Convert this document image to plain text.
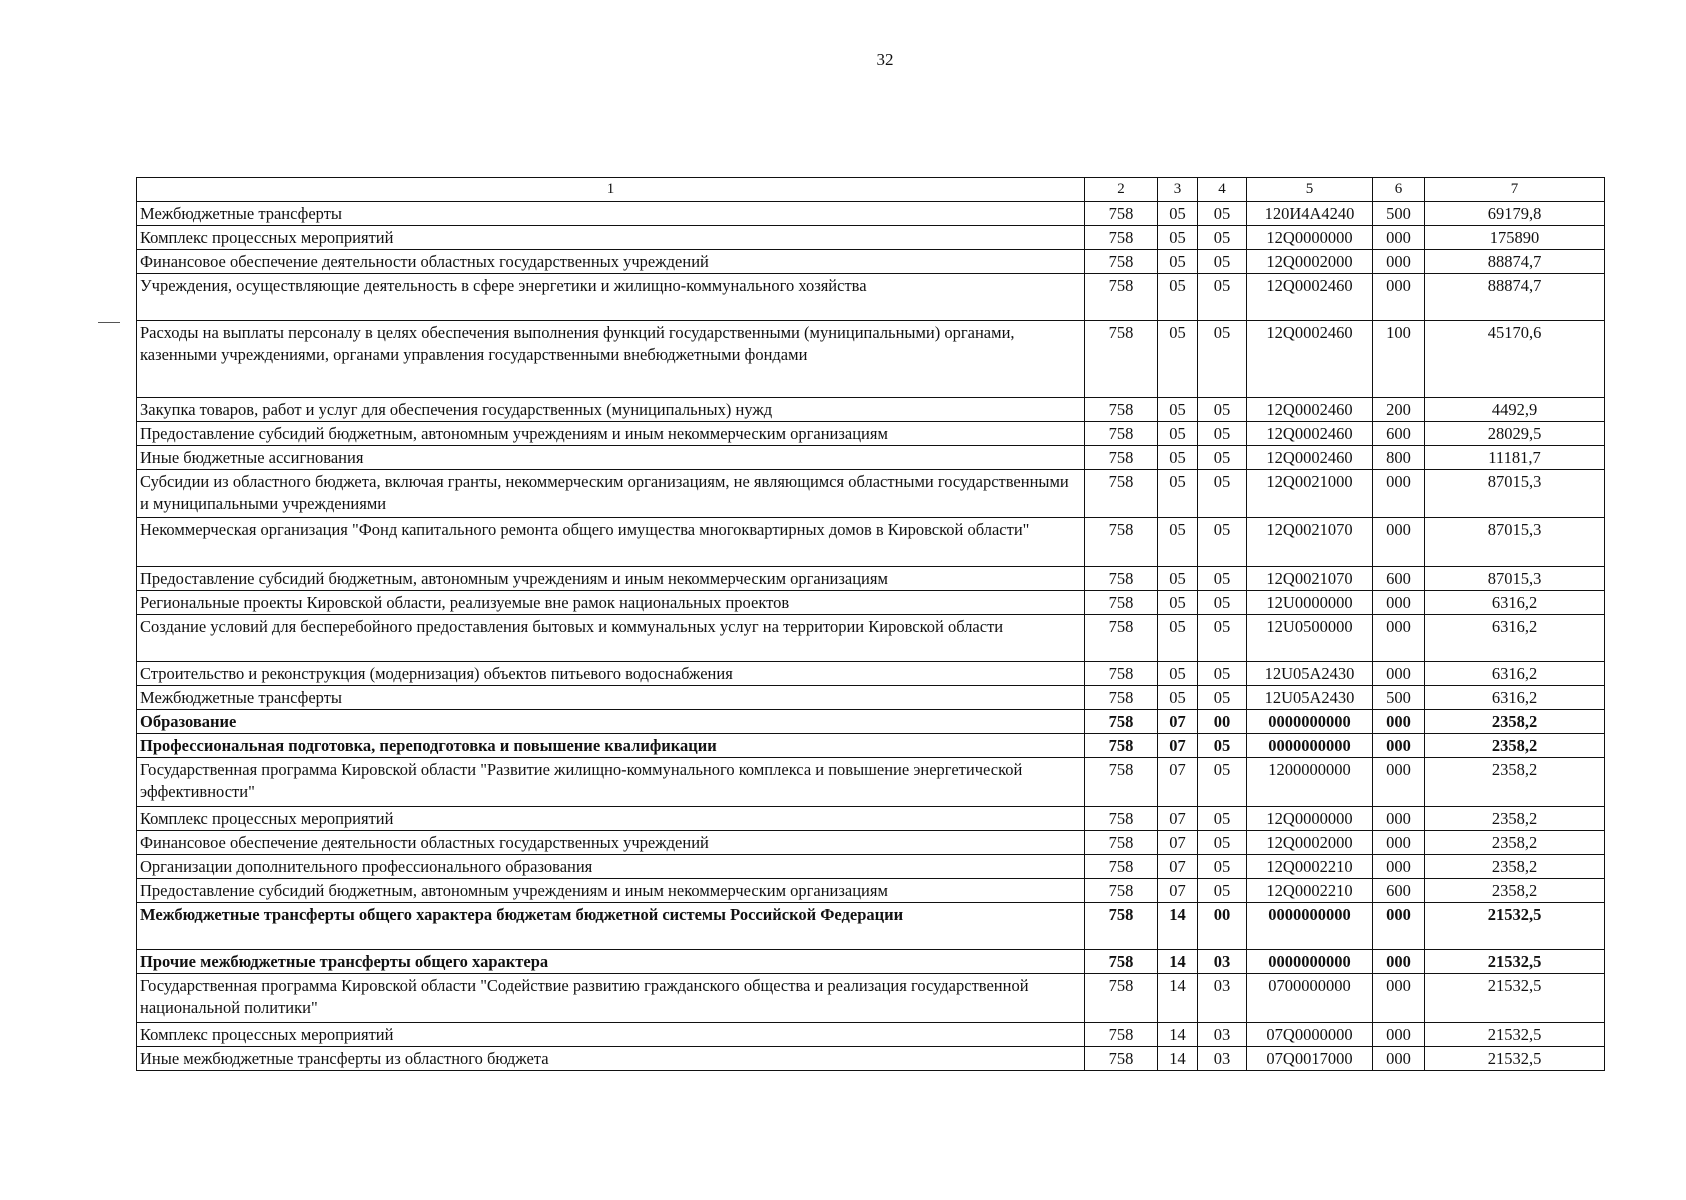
32
1	2	3	4	5	6	7
Межбюджетные трансферты	758	05	05	120И4А4240	500	69179,8
Комплекс процессных мероприятий	758	05	05	12Q0000000	000	175890
Финансовое обеспечение деятельности областных государственных учреждений	758	05	05	12Q0002000	000	88874,7
Учреждения, осуществляющие деятельность в сфере энергетики и жилищно-коммунального хозяйства	758	05	05	12Q0002460	000	88874,7
Расходы на выплаты персоналу в целях обеспечения выполнения функций государственными (муниципальными) органами, казенными учреждениями, органами управления государственными внебюджетными фондами	758	05	05	12Q0002460	100	45170,6
Закупка товаров, работ и услуг для обеспечения государственных (муниципальных) нужд	758	05	05	12Q0002460	200	4492,9
Предоставление субсидий бюджетным, автономным учреждениям и иным некоммерческим организациям	758	05	05	12Q0002460	600	28029,5
Иные бюджетные ассигнования	758	05	05	12Q0002460	800	11181,7
Субсидии из областного бюджета, включая гранты, некоммерческим организациям, не являющимся областными государственными и муниципальными учреждениями	758	05	05	12Q0021000	000	87015,3
Некоммерческая организация "Фонд капитального ремонта общего имущества многоквартирных домов в Кировской области"	758	05	05	12Q0021070	000	87015,3
Предоставление субсидий бюджетным, автономным учреждениям и иным некоммерческим организациям	758	05	05	12Q0021070	600	87015,3
Региональные проекты Кировской области, реализуемые вне рамок национальных проектов	758	05	05	12U0000000	000	6316,2
Создание условий для бесперебойного предоставления бытовых и коммунальных услуг на территории Кировской области	758	05	05	12U0500000	000	6316,2
Строительство и реконструкция (модернизация) объектов питьевого водоснабжения	758	05	05	12U05A2430	000	6316,2
Межбюджетные трансферты	758	05	05	12U05A2430	500	6316,2
Образование	758	07	00	0000000000	000	2358,2
Профессиональная подготовка, переподготовка и повышение квалификации	758	07	05	0000000000	000	2358,2
Государственная программа Кировской области "Развитие жилищно-коммунального комплекса и повышение энергетической эффективности"	758	07	05	1200000000	000	2358,2
Комплекс процессных мероприятий	758	07	05	12Q0000000	000	2358,2
Финансовое обеспечение деятельности областных государственных учреждений	758	07	05	12Q0002000	000	2358,2
Организации дополнительного профессионального образования	758	07	05	12Q0002210	000	2358,2
Предоставление субсидий бюджетным, автономным учреждениям и иным некоммерческим организациям	758	07	05	12Q0002210	600	2358,2
Межбюджетные трансферты общего характера бюджетам бюджетной системы Российской Федерации	758	14	00	0000000000	000	21532,5
Прочие межбюджетные трансферты общего характера	758	14	03	0000000000	000	21532,5
Государственная программа Кировской области "Содействие развитию гражданского общества и реализация государственной национальной политики"	758	14	03	0700000000	000	21532,5
Комплекс процессных мероприятий	758	14	03	07Q0000000	000	21532,5
Иные межбюджетные трансферты из областного бюджета	758	14	03	07Q0017000	000	21532,5
